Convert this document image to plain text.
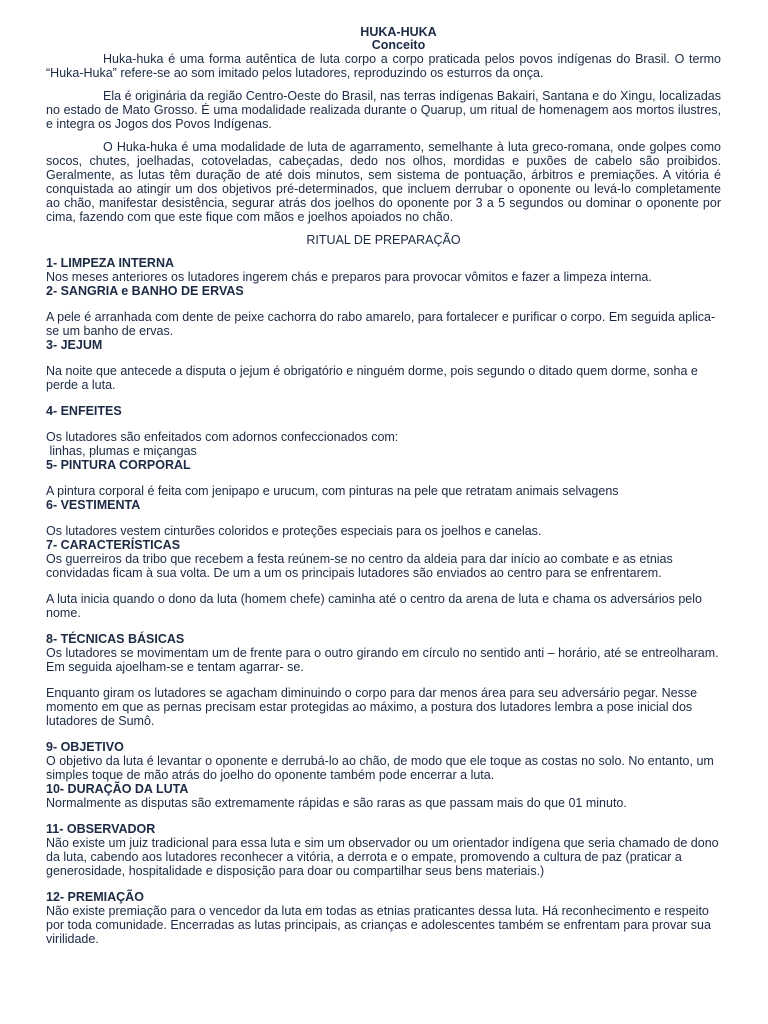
HUKA-HUKA
Conceito

Huka-huka é uma forma autêntica de luta corpo a corpo praticada pelos povos indígenas do Brasil. O termo “Huka-Huka” refere-se ao som imitado pelos lutadores, reproduzindo os esturros da onça.

Ela é originária da região Centro-Oeste do Brasil, nas terras indígenas Bakairi, Santana e do Xingu, localizadas no estado de Mato Grosso. É uma modalidade realizada durante o Quarup, um ritual de homenagem aos mortos ilustres, e integra os Jogos dos Povos Indígenas.

O Huka-huka é uma modalidade de luta de agarramento, semelhante à luta greco-romana, onde golpes como socos, chutes, joelhadas, cotoveladas, cabeçadas, dedo nos olhos, mordidas e puxões de cabelo são proibidos. Geralmente, as lutas têm duração de até dois minutos, sem sistema de pontuação, árbitros e premiações. A vitória é conquistada ao atingir um dos objetivos pré-determinados, que incluem derrubar o oponente ou levá-lo completamente ao chão, manifestar desistência, segurar atrás dos joelhos do oponente por 3 a 5 segundos ou dominar o oponente por cima, fazendo com que este fique com mãos e joelhos apoiados no chão.

RITUAL DE PREPARAÇÃO

1- LIMPEZA INTERNA

Nos meses anteriores os lutadores ingerem chás e preparos para provocar vômitos e fazer a limpeza interna.

2- SANGRIA e BANHO DE ERVAS

A pele é arranhada com dente de peixe cachorra do rabo amarelo, para fortalecer e purificar o corpo. Em seguida aplica-se um banho de ervas.

3- JEJUM

Na noite que antecede a disputa o jejum é obrigatório e ninguém dorme, pois segundo o ditado quem dorme, sonha e perde a luta.

4- ENFEITES

Os lutadores são enfeitados com adornos confeccionados com:

linhas, plumas e miçangas

5- PINTURA CORPORAL

A pintura corporal é feita com jenipapo e urucum, com pinturas na pele que retratam animais selvagens

6- VESTIMENTA

Os lutadores vestem cinturões coloridos e proteções especiais para os joelhos e canelas.

7- CARACTERÍSTICAS

Os guerreiros da tribo que recebem a festa reúnem-se no centro da aldeia para dar início ao combate e as etnias convidadas ficam à sua volta. De um a um os principais lutadores são enviados ao centro para se enfrentarem.

A luta inicia quando o dono da luta (homem chefe) caminha até o centro da arena de luta e chama os adversários pelo nome.

8- TÉCNICAS BÁSICAS

Os lutadores se movimentam um de frente para o outro girando em círculo no sentido anti – horário, até se entreolharam. Em seguida ajoelham-se e tentam agarrar- se.

Enquanto giram os lutadores se agacham diminuindo o corpo para dar menos área para seu adversário pegar. Nesse momento em que as pernas precisam estar protegidas ao máximo, a postura dos lutadores lembra a pose inicial dos lutadores de Sumô.

9- OBJETIVO

O objetivo da luta é levantar o oponente e derrubá-lo ao chão, de modo que ele toque as costas no solo. No entanto, um simples toque de mão atrás do joelho do oponente também pode encerrar a luta.

10- DURAÇÃO DA LUTA

Normalmente as disputas são extremamente rápidas e são raras as que passam mais do que 01 minuto.

11- OBSERVADOR

Não existe um juiz tradicional para essa luta e sim um observador ou um orientador indígena que seria chamado de dono da luta, cabendo aos lutadores reconhecer a vitória, a derrota e o empate, promovendo a cultura de paz (praticar a generosidade, hospitalidade e disposição para doar ou compartilhar seus bens materiais.)

12- PREMIAÇÃO

Não existe premiação para o vencedor da luta em todas as etnias praticantes dessa luta. Há reconhecimento e respeito por toda comunidade. Encerradas as lutas principais, as crianças e adolescentes também se enfrentam para provar sua virilidade.
